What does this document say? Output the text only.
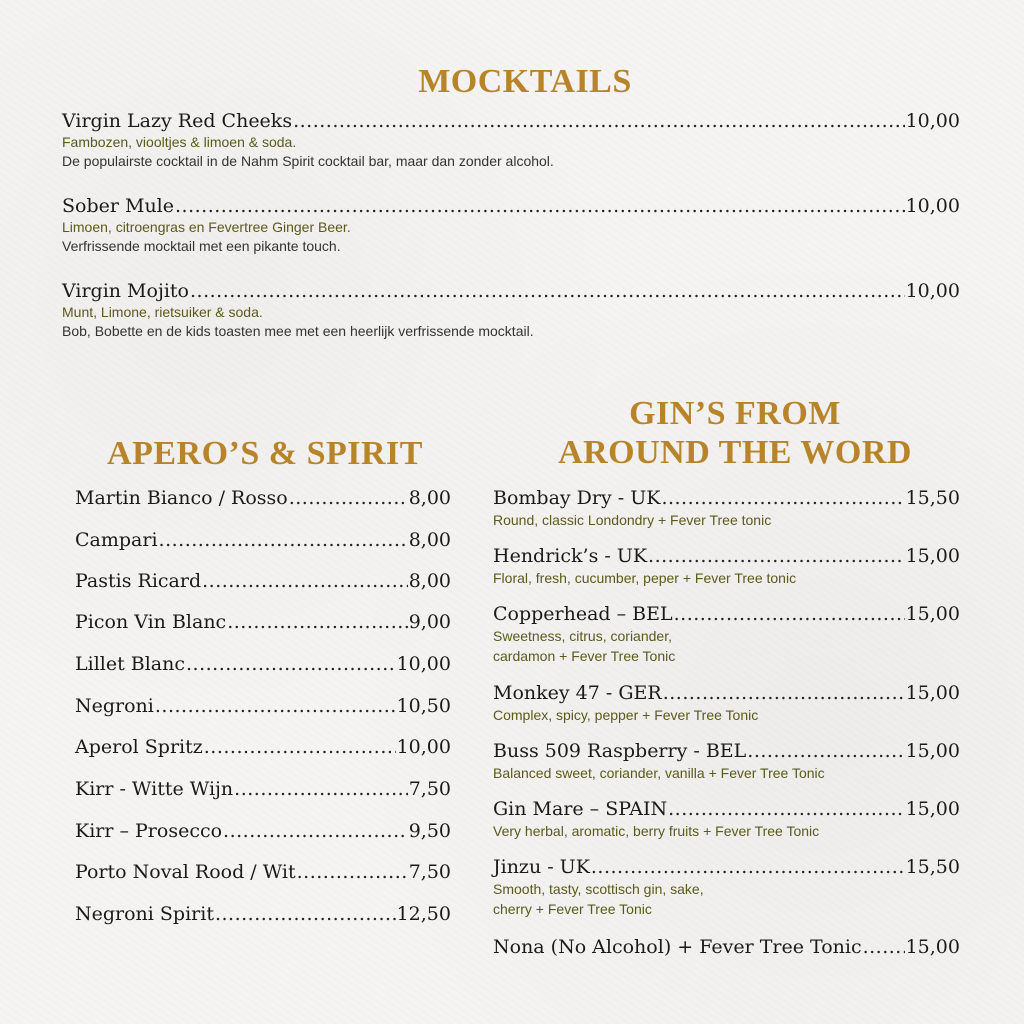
MOCKTAILS
Virgin Lazy Red Cheeks .....	10,00
Fambozen, viooltjes & limoen & soda.
De populairste cocktail in de Nahm Spirit cocktail bar, maar dan zonder alcohol.
Sober Mule .....	10,00
Limoen, citroengras en Fevertree Ginger Beer.
Verfrissende mocktail met een pikante touch.
Virgin Mojito .....	10,00
Munt, Limone, rietsuiker & soda.
Bob, Bobette en de kids toasten mee met een heerlijk verfrissende mocktail.
APERO’S & SPIRIT
Martin Bianco / Rosso .....	8,00
Campari .....	8,00
Pastis Ricard .....	8,00
Picon Vin Blanc .....	9,00
Lillet Blanc .....	10,00
Negroni .....	10,50
Aperol Spritz .....	10,00
Kirr - Witte Wijn .....	7,50
Kirr – Prosecco .....	9,50
Porto Noval Rood / Wit .....	7,50
Negroni Spirit .....	12,50
GIN’S FROM
AROUND THE WORD
Bombay Dry - UK .....	15,50
Round, classic Londondry + Fever Tree tonic
Hendrick’s - UK .....	15,00
Floral, fresh, cucumber, peper + Fever Tree tonic
Copperhead – BEL .....	15,00
Sweetness, citrus, coriander,
cardamon + Fever Tree Tonic
Monkey 47 - GER .....	15,00
Complex, spicy, pepper + Fever Tree Tonic
Buss 509 Raspberry - BEL .....	15,00
Balanced sweet, coriander, vanilla + Fever Tree Tonic
Gin Mare – SPAIN .....	15,00
Very herbal, aromatic, berry fruits + Fever Tree Tonic
Jinzu - UK .....	15,50
Smooth, tasty, scottisch gin, sake,
cherry + Fever Tree Tonic
Nona (No Alcohol) + Fever Tree Tonic ..... 15,00
